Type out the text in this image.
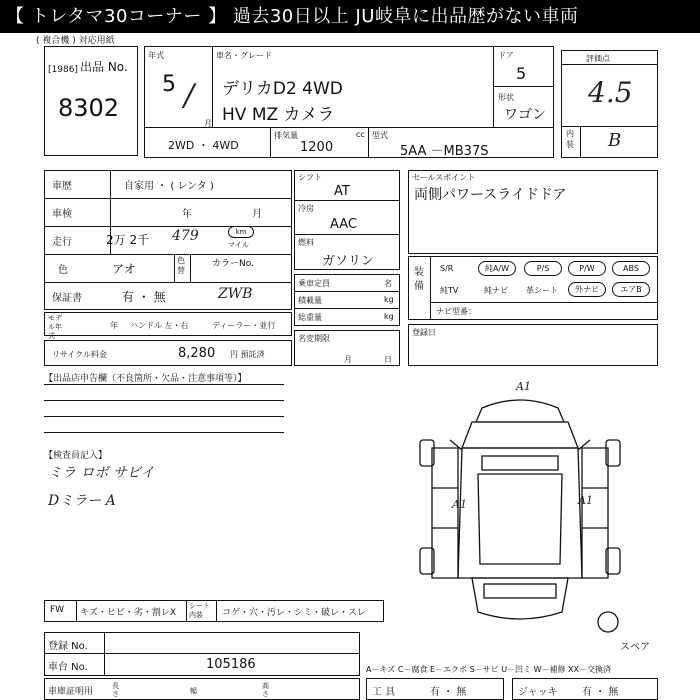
【 トレタマ30コーナー 】 過去30日以上 JU岐阜に出品歴がない車両
( 複合機 ) 対応用紙
出品 No.
[1986]
8302
年式
5 /
月
車名・グレード
デリカD2 4WD
HV MZ カメラ
ドア
5
形状
ワゴン
2WD ・ 4WD
排気量	cc
1200
型式
5AA －MB37S
評価点
4.5
内装 B
車歴	自家用 ・ ( レンタ )
車検	年	月
走行	2万 2千 479	km
マイル
色	アオ
色替
カラーNo.
保証書	有 ・ 無	ZWB
モデル年式
年 ハンドル 左・右	ディーラー・並行
リサイクル料金	8,280 円 預託済
シフト
AT
冷房
AAC
燃料
ガソリン
乗車定員	名
積載量	kg
総重量	kg
名変期限
月	日
セールスポイント
両側パワースライドドア
装備
S/R	純A/W	P/S	P/W	ABS
純TV	純ナビ 革シート	外ナビ	エアB
ナビ型番：
登録日
【出品店申告欄（不良箇所・欠品・注意事項等）】
【検査員記入】
ミラ ロボ サビイ
Dミラー A
A1
A1	A1
スペア
FW キズ・ヒビ・劣・割レX
シート内装	コゲ・穴・汚レ・シミ・破レ・スレ
登録 No.
車台 No.	105186	A－キズ C－腐食 E－エクボ S－サビ U－凹ミ W－補修 XX－交換済
車庫証明用
長さ	幅
高さ	工 具	有 ・ 無	ジャッキ 有 ・ 無
